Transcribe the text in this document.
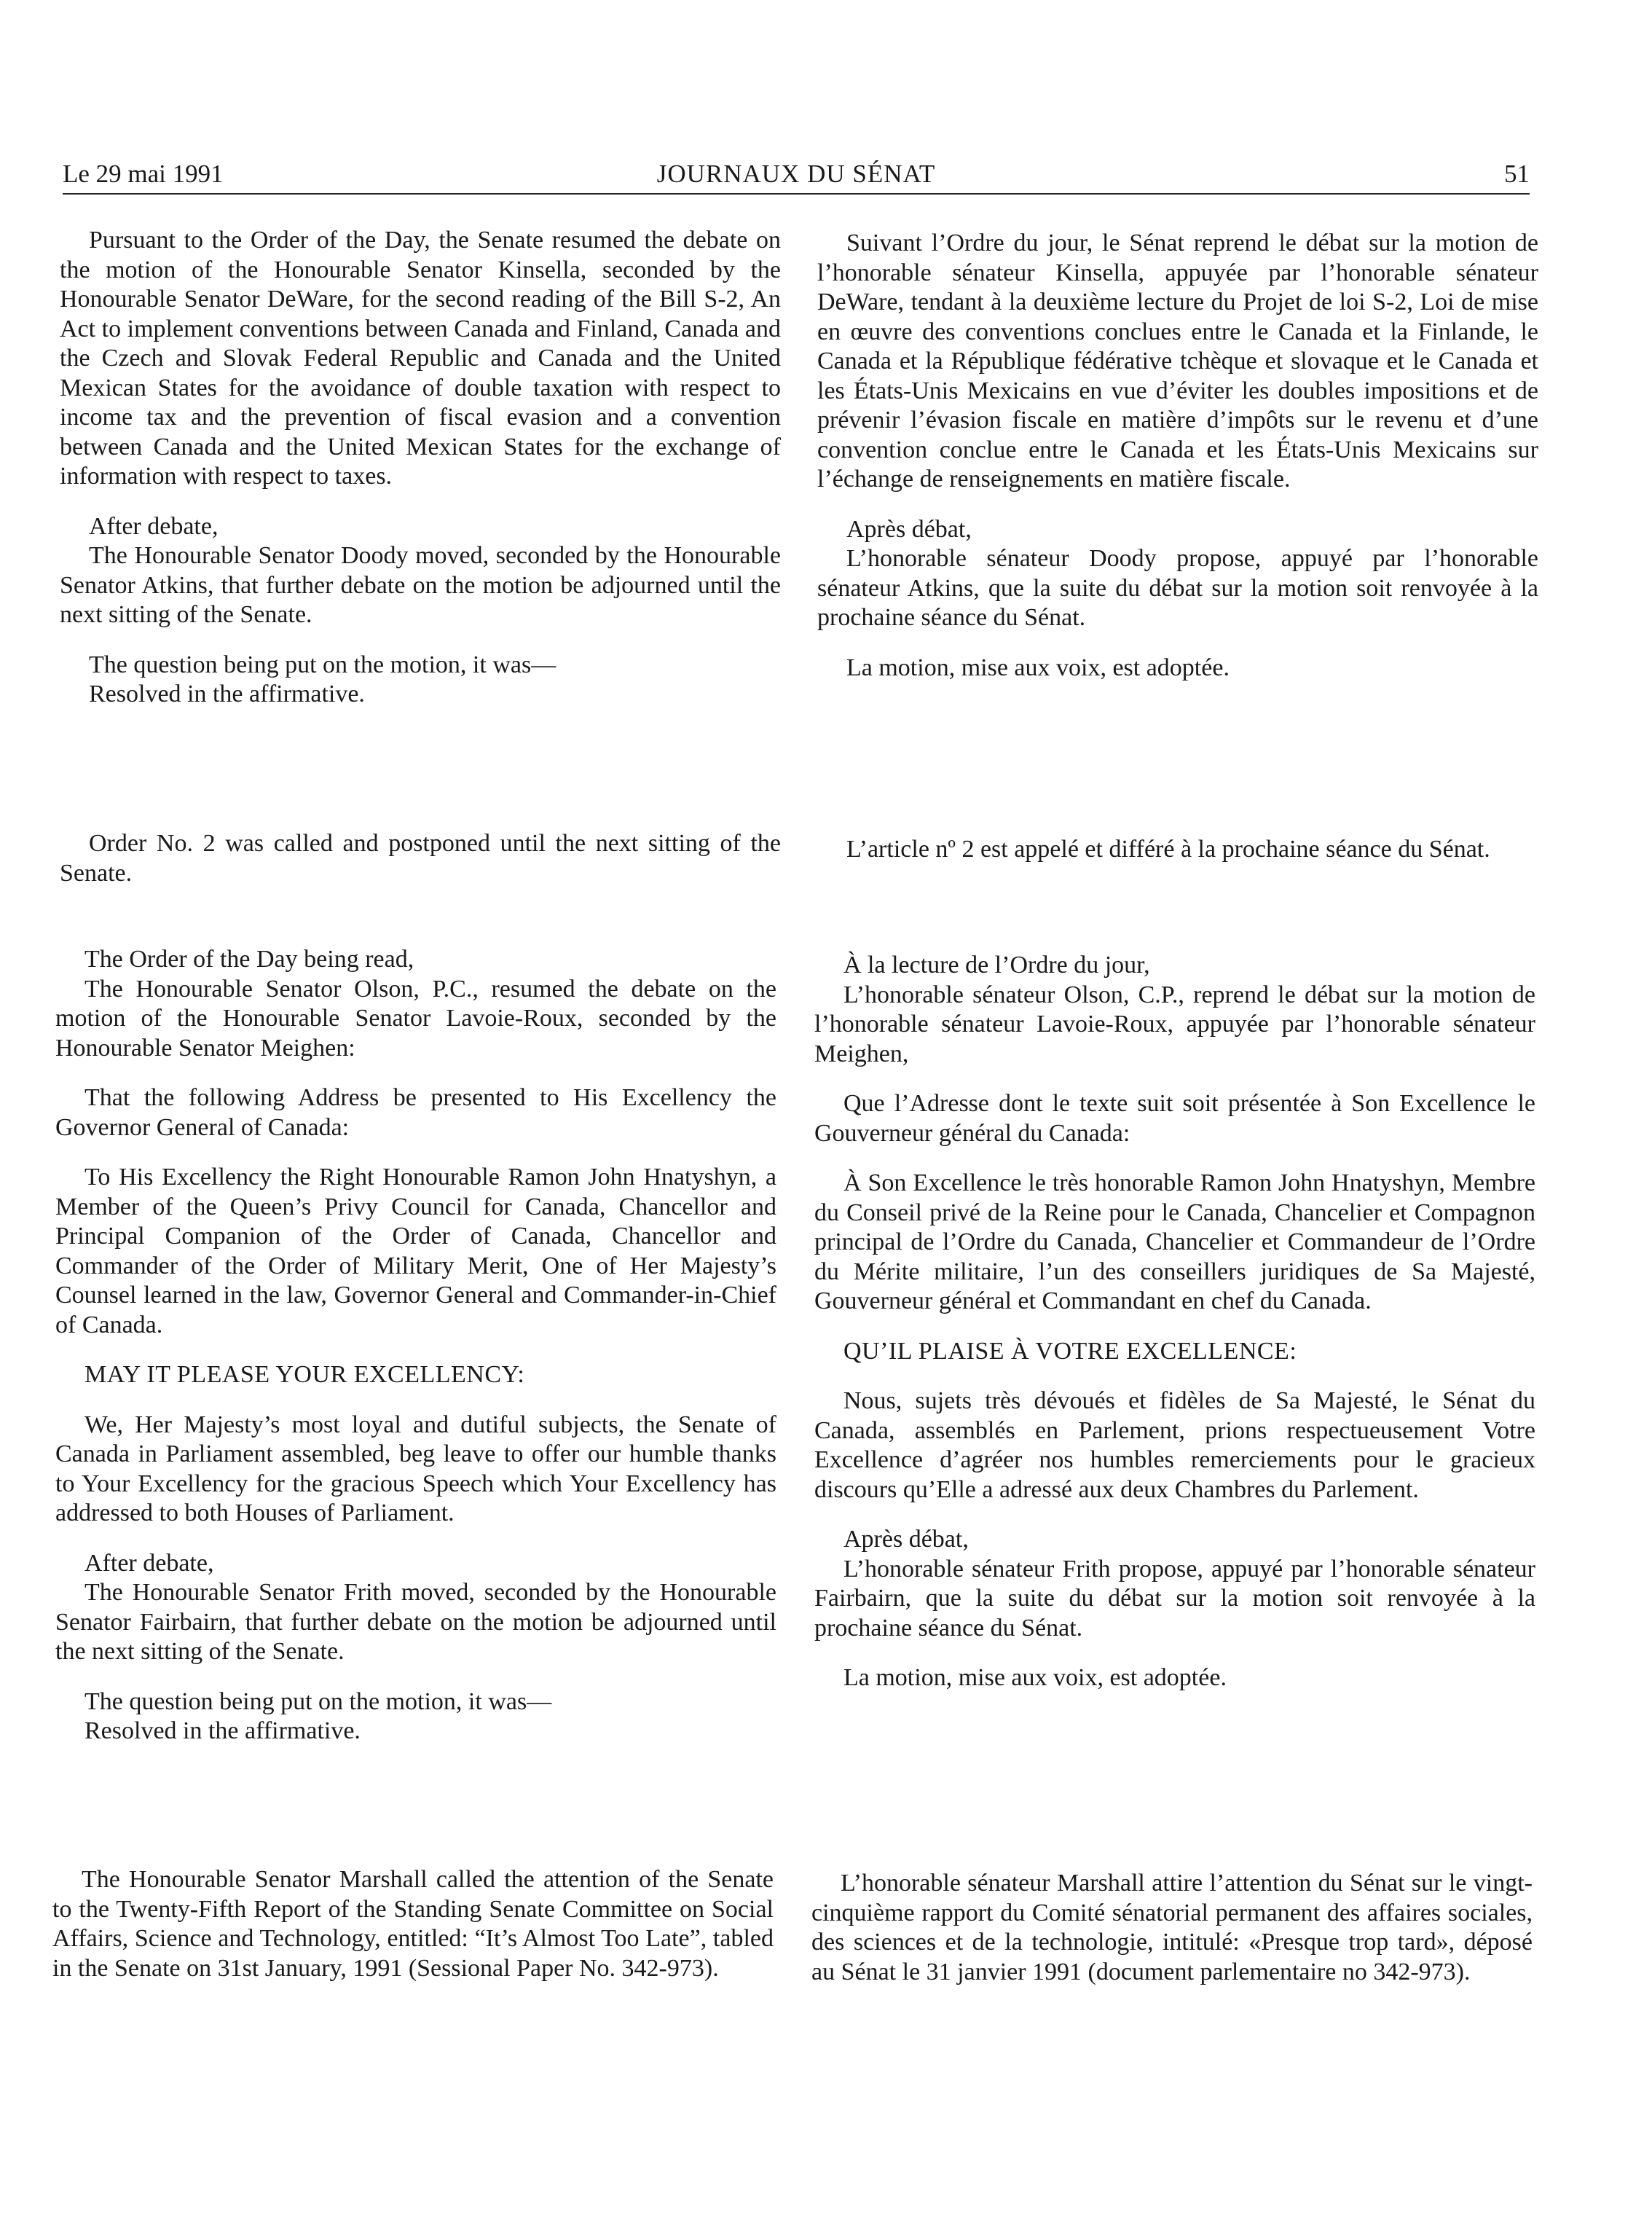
Le 29 mai 1991	JOURNAUX DU SÉNAT	51

Pursuant to the Order of the Day, the Senate resumed the debate on the motion of the Honourable Senator Kinsella, seconded by the Honourable Senator DeWare, for the second reading of the Bill S-2, An Act to implement conventions between Canada and Finland, Canada and the Czech and Slovak Federal Republic and Canada and the United Mexican States for the avoidance of double taxation with respect to income tax and the prevention of fiscal evasion and a convention between Canada and the United Mexican States for the exchange of information with respect to taxes.

After debate,

The Honourable Senator Doody moved, seconded by the Honourable Senator Atkins, that further debate on the motion be adjourned until the next sitting of the Senate.

The question being put on the motion, it was—

Resolved in the affirmative.

Order No. 2 was called and postponed until the next sitting of the Senate.

The Order of the Day being read,

The Honourable Senator Olson, P.C., resumed the debate on the motion of the Honourable Senator Lavoie-Roux, seconded by the Honourable Senator Meighen:

That the following Address be presented to His Excellency the Governor General of Canada:

To His Excellency the Right Honourable Ramon John Hnatyshyn, a Member of the Queen’s Privy Council for Canada, Chancellor and Principal Companion of the Order of Canada, Chancellor and Commander of the Order of Military Merit, One of Her Majesty’s Counsel learned in the law, Governor General and Commander-in-Chief of Canada.

MAY IT PLEASE YOUR EXCELLENCY:

We, Her Majesty’s most loyal and dutiful subjects, the Senate of Canada in Parliament assembled, beg leave to offer our humble thanks to Your Excellency for the gracious Speech which Your Excellency has addressed to both Houses of Parliament.

After debate,

The Honourable Senator Frith moved, seconded by the Honourable Senator Fairbairn, that further debate on the motion be adjourned until the next sitting of the Senate.

The question being put on the motion, it was—

Resolved in the affirmative.

The Honourable Senator Marshall called the attention of the Senate to the Twenty-Fifth Report of the Standing Senate Committee on Social Affairs, Science and Technology, entitled: “It’s Almost Too Late”, tabled in the Senate on 31st January, 1991 (Sessional Paper No. 342-973).

Suivant l’Ordre du jour, le Sénat reprend le débat sur la motion de l’honorable sénateur Kinsella, appuyée par l’honorable sénateur DeWare, tendant à la deuxième lecture du Projet de loi S-2, Loi de mise en œuvre des conventions conclues entre le Canada et la Finlande, le Canada et la République fédérative tchèque et slovaque et le Canada et les États-Unis Mexicains en vue d’éviter les doubles impositions et de prévenir l’évasion fiscale en matière d’impôts sur le revenu et d’une convention conclue entre le Canada et les États-Unis Mexicains sur l’échange de renseignements en matière fiscale.

Après débat,

L’honorable sénateur Doody propose, appuyé par l’honorable sénateur Atkins, que la suite du débat sur la motion soit renvoyée à la prochaine séance du Sénat.

La motion, mise aux voix, est adoptée.

L’article nº 2 est appelé et différé à la prochaine séance du Sénat.

À la lecture de l’Ordre du jour,

L’honorable sénateur Olson, C.P., reprend le débat sur la motion de l’honorable sénateur Lavoie-Roux, appuyée par l’honorable sénateur Meighen,

Que l’Adresse dont le texte suit soit présentée à Son Excellence le Gouverneur général du Canada:

À Son Excellence le très honorable Ramon John Hnatyshyn, Membre du Conseil privé de la Reine pour le Canada, Chancelier et Compagnon principal de l’Ordre du Canada, Chancelier et Commandeur de l’Ordre du Mérite militaire, l’un des conseillers juridiques de Sa Majesté, Gouverneur général et Commandant en chef du Canada.

QU’IL PLAISE À VOTRE EXCELLENCE:

Nous, sujets très dévoués et fidèles de Sa Majesté, le Sénat du Canada, assemblés en Parlement, prions respectueusement Votre Excellence d’agréer nos humbles remerciements pour le gracieux discours qu’Elle a adressé aux deux Chambres du Parlement.

Après débat,

L’honorable sénateur Frith propose, appuyé par l’honorable sénateur Fairbairn, que la suite du débat sur la motion soit renvoyée à la prochaine séance du Sénat.

La motion, mise aux voix, est adoptée.

L’honorable sénateur Marshall attire l’attention du Sénat sur le vingt-cinquième rapport du Comité sénatorial permanent des affaires sociales, des sciences et de la technologie, intitulé: «Presque trop tard», déposé au Sénat le 31 janvier 1991 (document parlementaire no 342-973).
